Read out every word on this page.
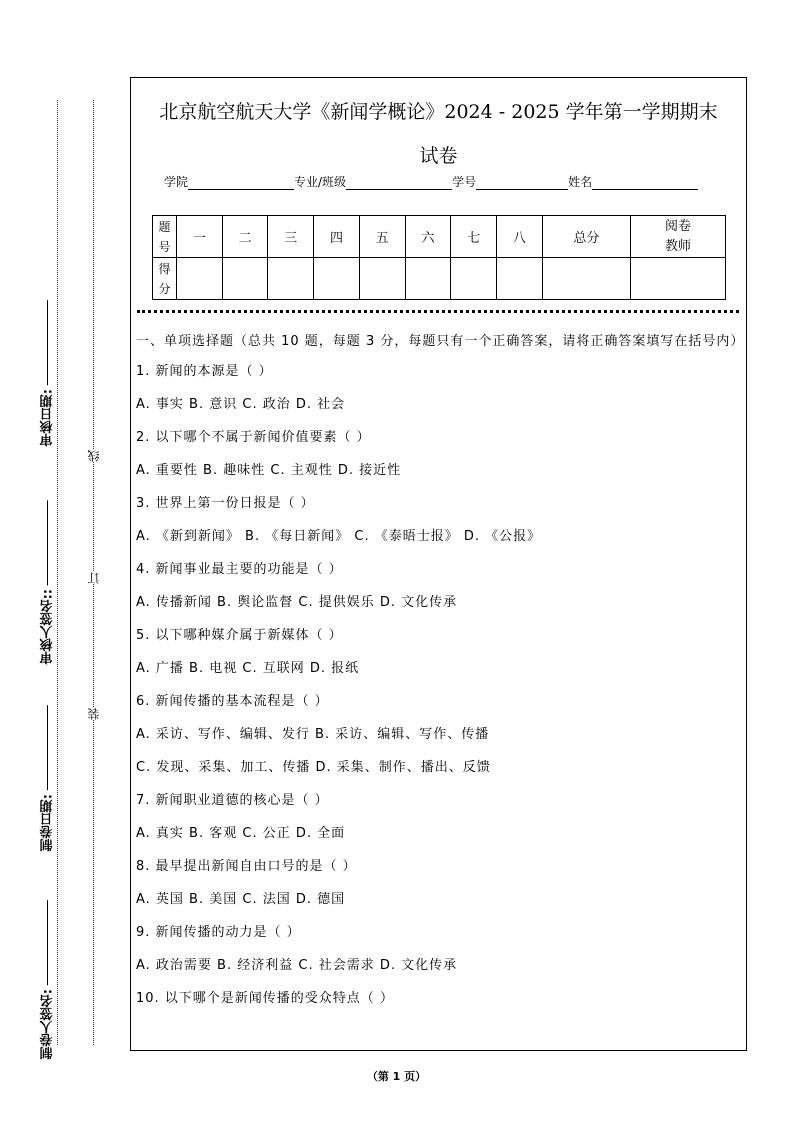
审核日期:
审核人签名::
制卷日期:
制卷人签名:
线
订
装
北京航空航天大学《新闻学概论》2024 - 2025 学年第一学期期末
试卷
学院	专业/班级	学号	姓名
题
号	一	二	三	四	五	六	七	八	总分	阅卷
教师
得
分										
一、单项选择题（总共 10 题，每题 3 分，每题只有一个正确答案，请将正确答案填写在括号内）
1. 新闻的本源是（ ）
A. 事实 B. 意识 C. 政治 D. 社会
2. 以下哪个不属于新闻价值要素（ ）
A. 重要性 B. 趣味性 C. 主观性 D. 接近性
3. 世界上第一份日报是（ ）
A. 《新到新闻》 B. 《每日新闻》 C. 《泰晤士报》 D. 《公报》
4. 新闻事业最主要的功能是（ ）
A. 传播新闻 B. 舆论监督 C. 提供娱乐 D. 文化传承
5. 以下哪种媒介属于新媒体（ ）
A. 广播 B. 电视 C. 互联网 D. 报纸
6. 新闻传播的基本流程是（ ）
A. 采访、写作、编辑、发行 B. 采访、编辑、写作、传播
C. 发现、采集、加工、传播 D. 采集、制作、播出、反馈
7. 新闻职业道德的核心是（ ）
A. 真实 B. 客观 C. 公正 D. 全面
8. 最早提出新闻自由口号的是（ ）
A. 英国 B. 美国 C. 法国 D. 德国
9. 新闻传播的动力是（ ）
A. 政治需要 B. 经济利益 C. 社会需求 D. 文化传承
10. 以下哪个是新闻传播的受众特点（ ）
（第 1 页）
